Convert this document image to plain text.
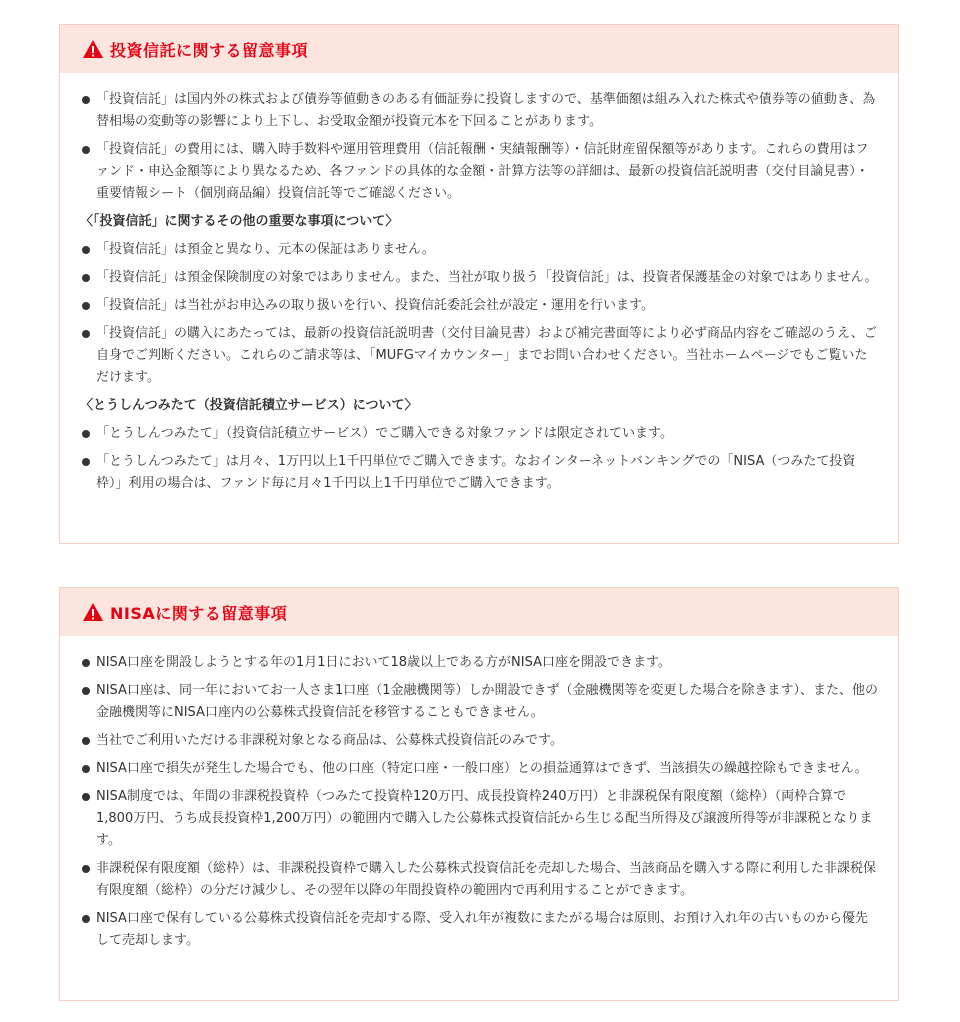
投資信託に関する留意事項
「投資信託」は国内外の株式および債券等値動きのある有価証券に投資しますので、基準価額は組み入れた株式や債券等の値動き、為替相場の変動等の影響により上下し、お受取金額が投資元本を下回ることがあります。
「投資信託」の費用には、購入時手数料や運用管理費用（信託報酬・実績報酬等）・信託財産留保額等があります。これらの費用はファンド・申込金額等により異なるため、各ファンドの具体的な金額・計算方法等の詳細は、最新の投資信託説明書（交付目論見書）・重要情報シート（個別商品編）投資信託等でご確認ください。
〈「投資信託」に関するその他の重要な事項について〉
「投資信託」は預金と異なり、元本の保証はありません。
「投資信託」は預金保険制度の対象ではありません。また、当社が取り扱う「投資信託」は、投資者保護基金の対象ではありません。
「投資信託」は当社がお申込みの取り扱いを行い、投資信託委託会社が設定・運用を行います。
「投資信託」の購入にあたっては、最新の投資信託説明書（交付目論見書）および補完書面等により必ず商品内容をご確認のうえ、ご自身でご判断ください。これらのご請求等は、「MUFGマイカウンター」までお問い合わせください。当社ホームページでもご覧いただけます。
〈とうしんつみたて（投資信託積立サービス）について〉
「とうしんつみたて」（投資信託積立サービス）でご購入できる対象ファンドは限定されています。
「とうしんつみたて」は月々、1万円以上1千円単位でご購入できます。なおインターネットバンキングでの「NISA（つみたて投資枠）」利用の場合は、ファンド毎に月々1千円以上1千円単位でご購入できます。
NISAに関する留意事項
NISA口座を開設しようとする年の1月1日において18歳以上である方がNISA口座を開設できます。
NISA口座は、同一年においてお一人さま1口座（1金融機関等）しか開設できず（金融機関等を変更した場合を除きます）、また、他の金融機関等にNISA口座内の公募株式投資信託を移管することもできません。
当社でご利用いただける非課税対象となる商品は、公募株式投資信託のみです。
NISA口座で損失が発生した場合でも、他の口座（特定口座・一般口座）との損益通算はできず、当該損失の繰越控除もできません。
NISA制度では、年間の非課税投資枠（つみたて投資枠120万円、成長投資枠240万円）と非課税保有限度額（総枠）（両枠合算で1,800万円、うち成長投資枠1,200万円）の範囲内で購入した公募株式投資信託から生じる配当所得及び譲渡所得等が非課税となります。
非課税保有限度額（総枠）は、非課税投資枠で購入した公募株式投資信託を売却した場合、当該商品を購入する際に利用した非課税保有限度額（総枠）の分だけ減少し、その翌年以降の年間投資枠の範囲内で再利用することができます。
NISA口座で保有している公募株式投資信託を売却する際、受入れ年が複数にまたがる場合は原則、お預け入れ年の古いものから優先して売却します。
